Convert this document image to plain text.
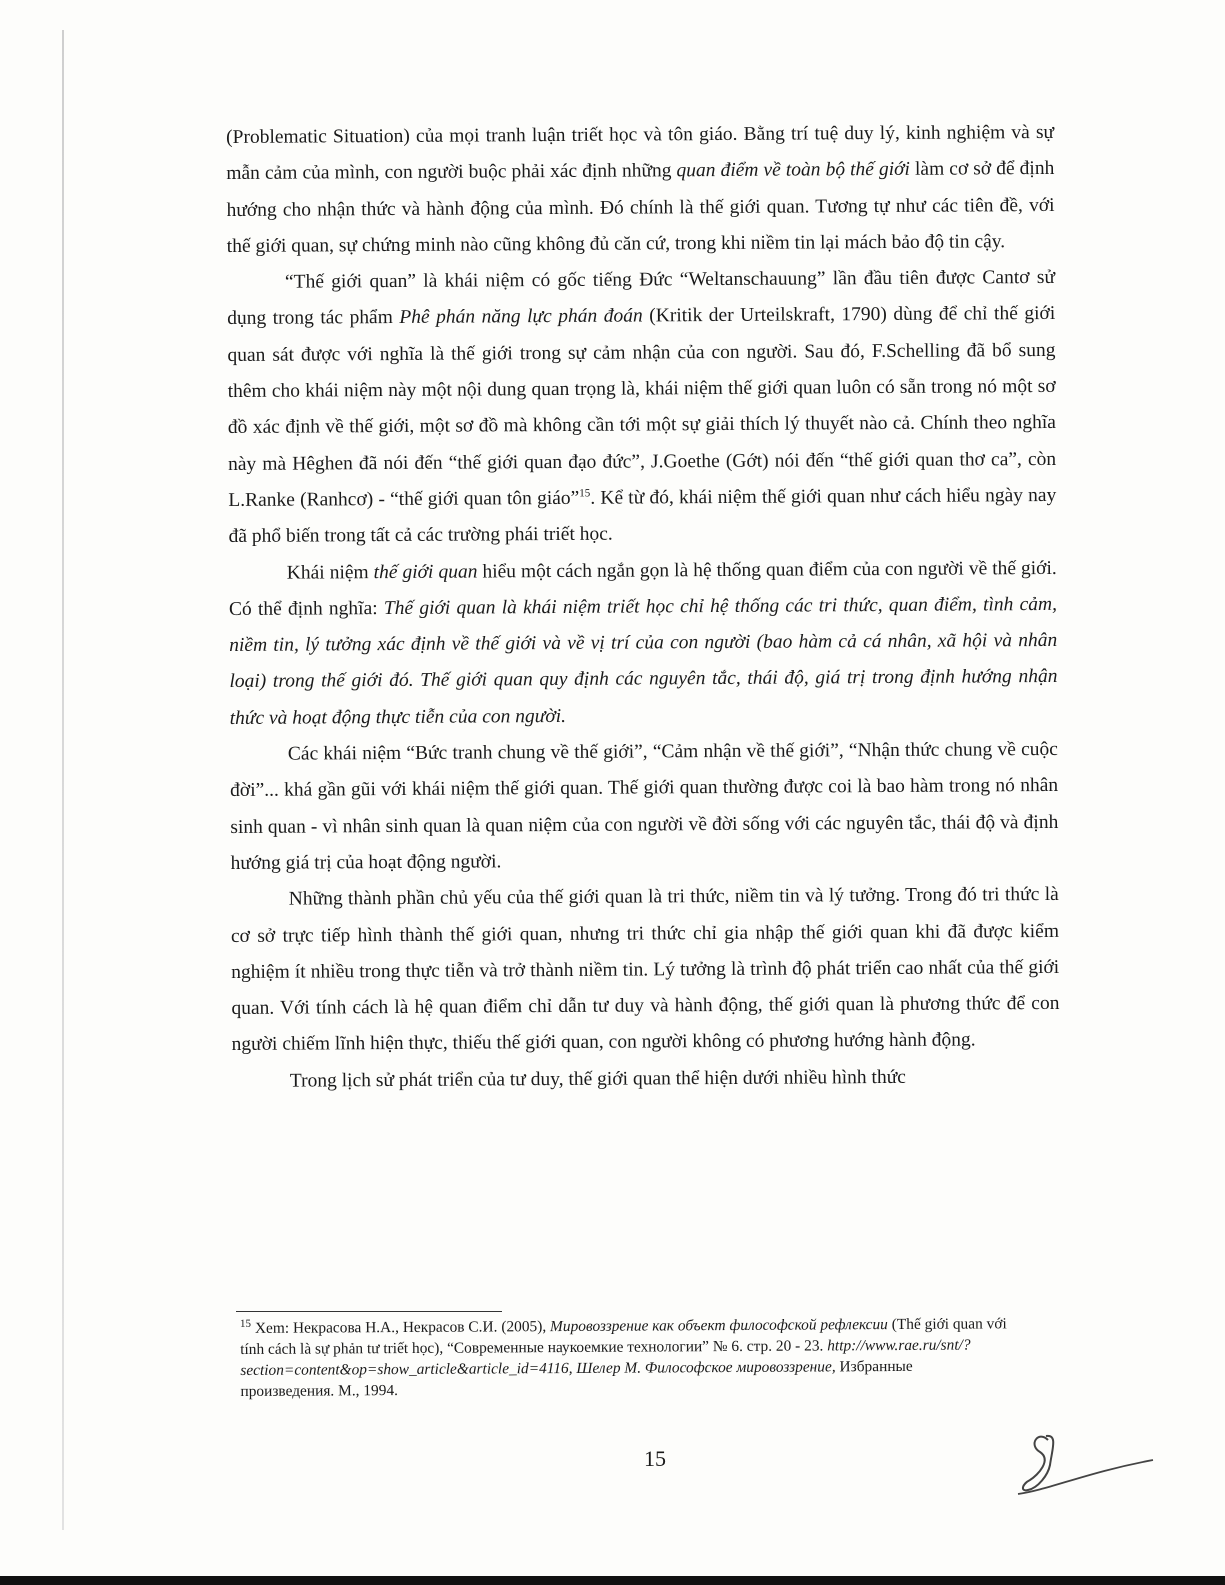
(Problematic Situation) của mọi tranh luận triết học và tôn giáo. Bằng trí tuệ duy lý, kinh nghiệm và sự mẫn cảm của mình, con người buộc phải xác định những quan điểm về toàn bộ thế giới làm cơ sở để định hướng cho nhận thức và hành động của mình. Đó chính là thế giới quan. Tương tự như các tiên đề, với thế giới quan, sự chứng minh nào cũng không đủ căn cứ, trong khi niềm tin lại mách bảo độ tin cậy.

“Thế giới quan” là khái niệm có gốc tiếng Đức “Weltanschauung” lần đầu tiên được Cantơ sử dụng trong tác phẩm Phê phán năng lực phán đoán (Kritik der Urteilskraft, 1790) dùng để chỉ thế giới quan sát được với nghĩa là thế giới trong sự cảm nhận của con người. Sau đó, F.Schelling đã bổ sung thêm cho khái niệm này một nội dung quan trọng là, khái niệm thế giới quan luôn có sẵn trong nó một sơ đồ xác định về thế giới, một sơ đồ mà không cần tới một sự giải thích lý thuyết nào cả. Chính theo nghĩa này mà Hêghen đã nói đến “thế giới quan đạo đức”, J.Goethe (Gớt) nói đến “thế giới quan thơ ca”, còn L.Ranke (Ranhcơ) - “thế giới quan tôn giáo”$^{15}$. Kể từ đó, khái niệm thế giới quan như cách hiểu ngày nay đã phổ biến trong tất cả các trường phái triết học.

Khái niệm thế giới quan hiểu một cách ngắn gọn là hệ thống quan điểm của con người về thế giới. Có thể định nghĩa: Thế giới quan là khái niệm triết học chỉ hệ thống các tri thức, quan điểm, tình cảm, niềm tin, lý tưởng xác định về thế giới và về vị trí của con người (bao hàm cả cá nhân, xã hội và nhân loại) trong thế giới đó. Thế giới quan quy định các nguyên tắc, thái độ, giá trị trong định hướng nhận thức và hoạt động thực tiễn của con người.

Các khái niệm “Bức tranh chung về thế giới”, “Cảm nhận về thế giới”, “Nhận thức chung về cuộc đời”... khá gần gũi với khái niệm thế giới quan. Thế giới quan thường được coi là bao hàm trong nó nhân sinh quan - vì nhân sinh quan là quan niệm của con người về đời sống với các nguyên tắc, thái độ và định hướng giá trị của hoạt động người.

Những thành phần chủ yếu của thế giới quan là tri thức, niềm tin và lý tưởng. Trong đó tri thức là cơ sở trực tiếp hình thành thế giới quan, nhưng tri thức chỉ gia nhập thế giới quan khi đã được kiểm nghiệm ít nhiều trong thực tiễn và trở thành niềm tin. Lý tưởng là trình độ phát triển cao nhất của thế giới quan. Với tính cách là hệ quan điểm chỉ dẫn tư duy và hành động, thế giới quan là phương thức để con người chiếm lĩnh hiện thực, thiếu thế giới quan, con người không có phương hướng hành động.

Trong lịch sử phát triển của tư duy, thế giới quan thể hiện dưới nhiều hình thức

$^{15}$ Xem: Некрасова Н.А., Некрасов С.И. (2005), Мировоззрение как объект философской рефлексии (Thế giới quan với tính cách là sự phản tư triết học), “Современные наукоемкие технологии” № 6. стр. 20 - 23. http://www.rae.ru/snt/?section=content&op=show_article&article_id=4116, Шелер М. Философское мировоззрение, Избранные произведения. М., 1994.

15
